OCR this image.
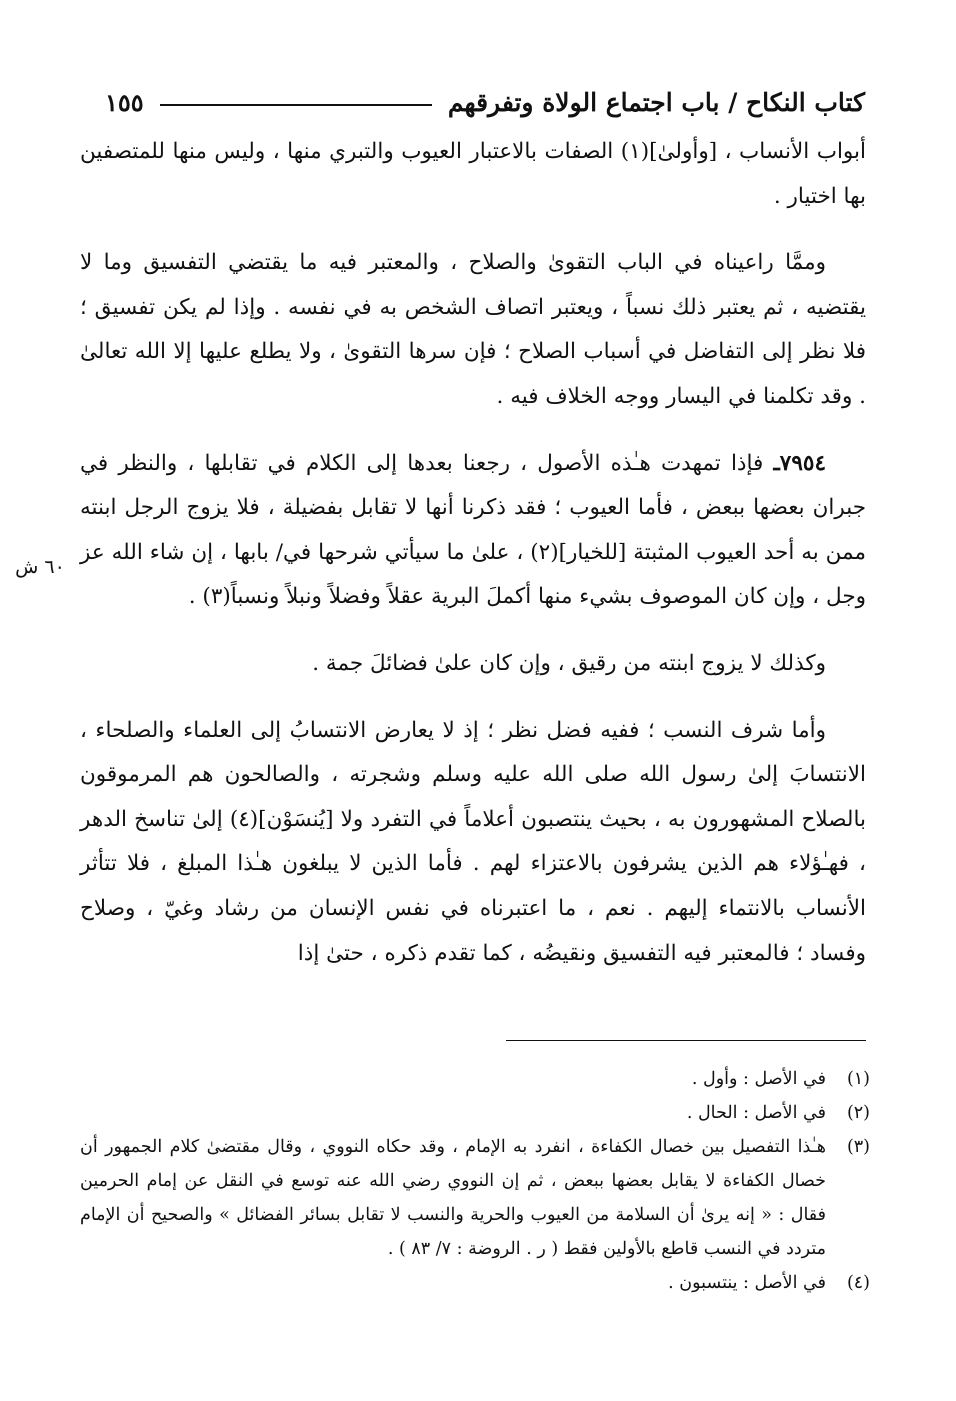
كتاب النكاح / باب اجتماع الولاة وتفرقهم
١٥٥
٦٠ ش

أبواب الأنساب ، [وأولىٰ](١) الصفات بالاعتبار العيوب والتبري منها ، وليس منها للمتصفين بها اختيار .

وممَّا راعيناه في الباب التقوىٰ والصلاح ، والمعتبر فيه ما يقتضي التفسيق وما لا يقتضيه ، ثم يعتبر ذلك نسباً ، ويعتبر اتصاف الشخص به في نفسه . وإذا لم يكن تفسيق ؛ فلا نظر إلى التفاضل في أسباب الصلاح ؛ فإن سرها التقوىٰ ، ولا يطلع عليها إلا الله تعالىٰ . وقد تكلمنا في اليسار ووجه الخلاف فيه .

٧٩٥٤ـ فإذا تمهدت هـٰذه الأصول ، رجعنا بعدها إلى الكلام في تقابلها ، والنظر في جبران بعضها ببعض ، فأما العيوب ؛ فقد ذكرنا أنها لا تقابل بفضيلة ، فلا يزوج الرجل ابنته ممن به أحد العيوب المثبتة [للخيار](٢) ، علىٰ ما سيأتي شرحها في/ بابها ، إن شاء الله عز وجل ، وإن كان الموصوف بشيء منها أكملَ البرية عقلاً وفضلاً ونبلاً ونسباً(٣) .

وكذلك لا يزوج ابنته من رقيق ، وإن كان علىٰ فضائلَ جمة .

وأما شرف النسب ؛ ففيه فضل نظر ؛ إذ لا يعارض الانتسابُ إلى العلماء والصلحاء ، الانتسابَ إلىٰ رسول الله صلى الله عليه وسلم وشجرته ، والصالحون هم المرموقون بالصلاح المشهورون به ، بحيث ينتصبون أعلاماً في التفرد ولا [يُنسَوْن](٤) إلىٰ تناسخ الدهر ، فهـٰؤلاء هم الذين يشرفون بالاعتزاء لهم . فأما الذين لا يبلغون هـٰذا المبلغ ، فلا تتأثر الأنساب بالانتماء إليهم . نعم ، ما اعتبرناه في نفس الإنسان من رشاد وغيّ ، وصلاح وفساد ؛ فالمعتبر فيه التفسيق ونقيضُه ، كما تقدم ذكره ، حتىٰ إذا

(١)
في الأصل : وأول .
(٢)
في الأصل : الحال .
(٣)
هـٰذا التفصيل بين خصال الكفاءة ، انفرد به الإمام ، وقد حكاه النووي ، وقال مقتضىٰ كلام الجمهور أن خصال الكفاءة لا يقابل بعضها ببعض ، ثم إن النووي رضي الله عنه توسع في النقل عن إمام الحرمين فقال : « إنه يرىٰ أن السلامة من العيوب والحرية والنسب لا تقابل بسائر الفضائل » والصحيح أن الإمام متردد في النسب قاطع بالأولين فقط ( ر . الروضة : ٧/ ٨٣ ) .
(٤)
في الأصل : ينتسبون .
